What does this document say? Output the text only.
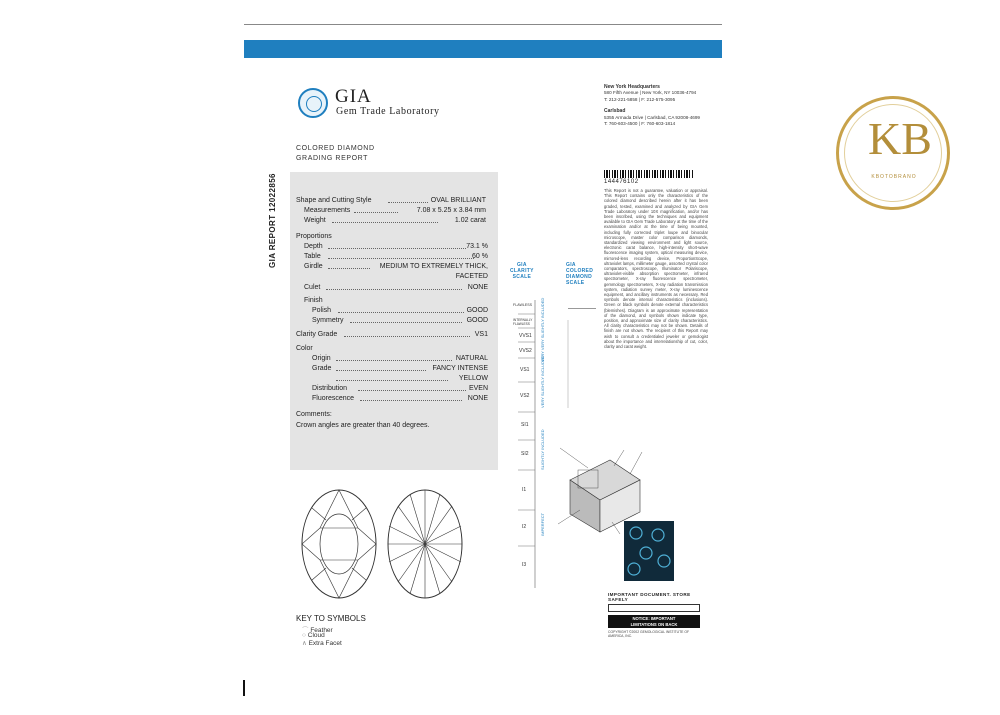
GIA
Gem Trade Laboratory
New York Headquarters
580 Fifth Avenue | New York, NY 10036-4794
T: 212-221-5858 | F: 212-575-3095
Carlsbad
5355 Armada Drive | Carlsbad, CA 92008-4699
T: 760-603-4500 | F: 760-603-1814
COLORED DIAMOND
GRADING REPORT
GIA REPORT 12022856	Shape and Cutting Style	OVAL BRILLIANT
Measurements	7.08 x 5.25 x 3.84 mm
Weight	1.02 carat
Proportions
Depth	73.1 %
Table	60 %
Girdle	MEDIUM TO EXTREMELY THICK,
FACETED
Culet	NONE
Finish
Polish	GOOD
Symmetry	GOOD
Clarity Grade	VS1
Color
Origin	NATURAL
Grade	FANCY INTENSE
YELLOW
Distribution	EVEN
Fluorescence	NONE
Comments:
Crown angles are greater than 40 degrees.
KEY TO SYMBOLS
⌒ Feather
○ Cloud
∧ Extra Facet
GIA
CLARITY
SCALE
GIA
COLORED
DIAMOND
SCALE
FLAWLESS
INTERNALLY FLAWLESS
VVS1
VVS2
VS1
VS2
SI1
SI2
I1
I2
I3
VERY VERY SLIGHTLY INCLUDED
VERY SLIGHTLY INCLUDED
SLIGHTLY INCLUDED
IMPERFECT
144476102
This Report is not a guarantee, valuation or appraisal. This Report contains only the characteristics of the colored diamond described herein after it has been graded, tested, examined and analyzed by GIA Gem Trade Laboratory under 10X magnification, and/or has been inscribed, using the techniques and equipment available to GIA Gem Trade Laboratory at the time of the examination and/or at the time of being mounted, including fully corrected triplet loupe and binocular microscope, master color comparison diamonds, standardized viewing environment and light source, electronic carat balance, high-intensity short-wave fluorescence imaging system, optical measuring device, mirrored-lens recording device, ProportionScope, ultraviolet lamps, millimeter gauge, assorted crystal color comparators, spectroscope, Illuminator Polariscope, ultraviolet-visible absorption spectrometer, infrared spectrometer, X-ray fluorescence spectrometer, gemmology spectrometers, X-ray radiation transmission system, radiation survey meter, X-ray luminescence equipment, and ancillary instruments as necessary. Red symbols denote internal characteristics (inclusions). Green or black symbols denote external characteristics (blemishes). Diagram is an approximate representation of the diamond, and symbols shown indicate type, position, and approximate size of clarity characteristics. All clarity characteristics may not be shown. Details of finish are not shown. The recipient of this Report may wish to consult a credentialed jeweler or gemologist about the importance and interrelationship of cut, color, clarity and carat weight.
IMPORTANT DOCUMENT. STORE SAFELY
NOTICE: IMPORTANT
LIMITATIONS ON BACK
COPYRIGHT ©2002 GEMOLOGICAL INSTITUTE OF AMERICA, INC.
KB
KBOTOBRANO
